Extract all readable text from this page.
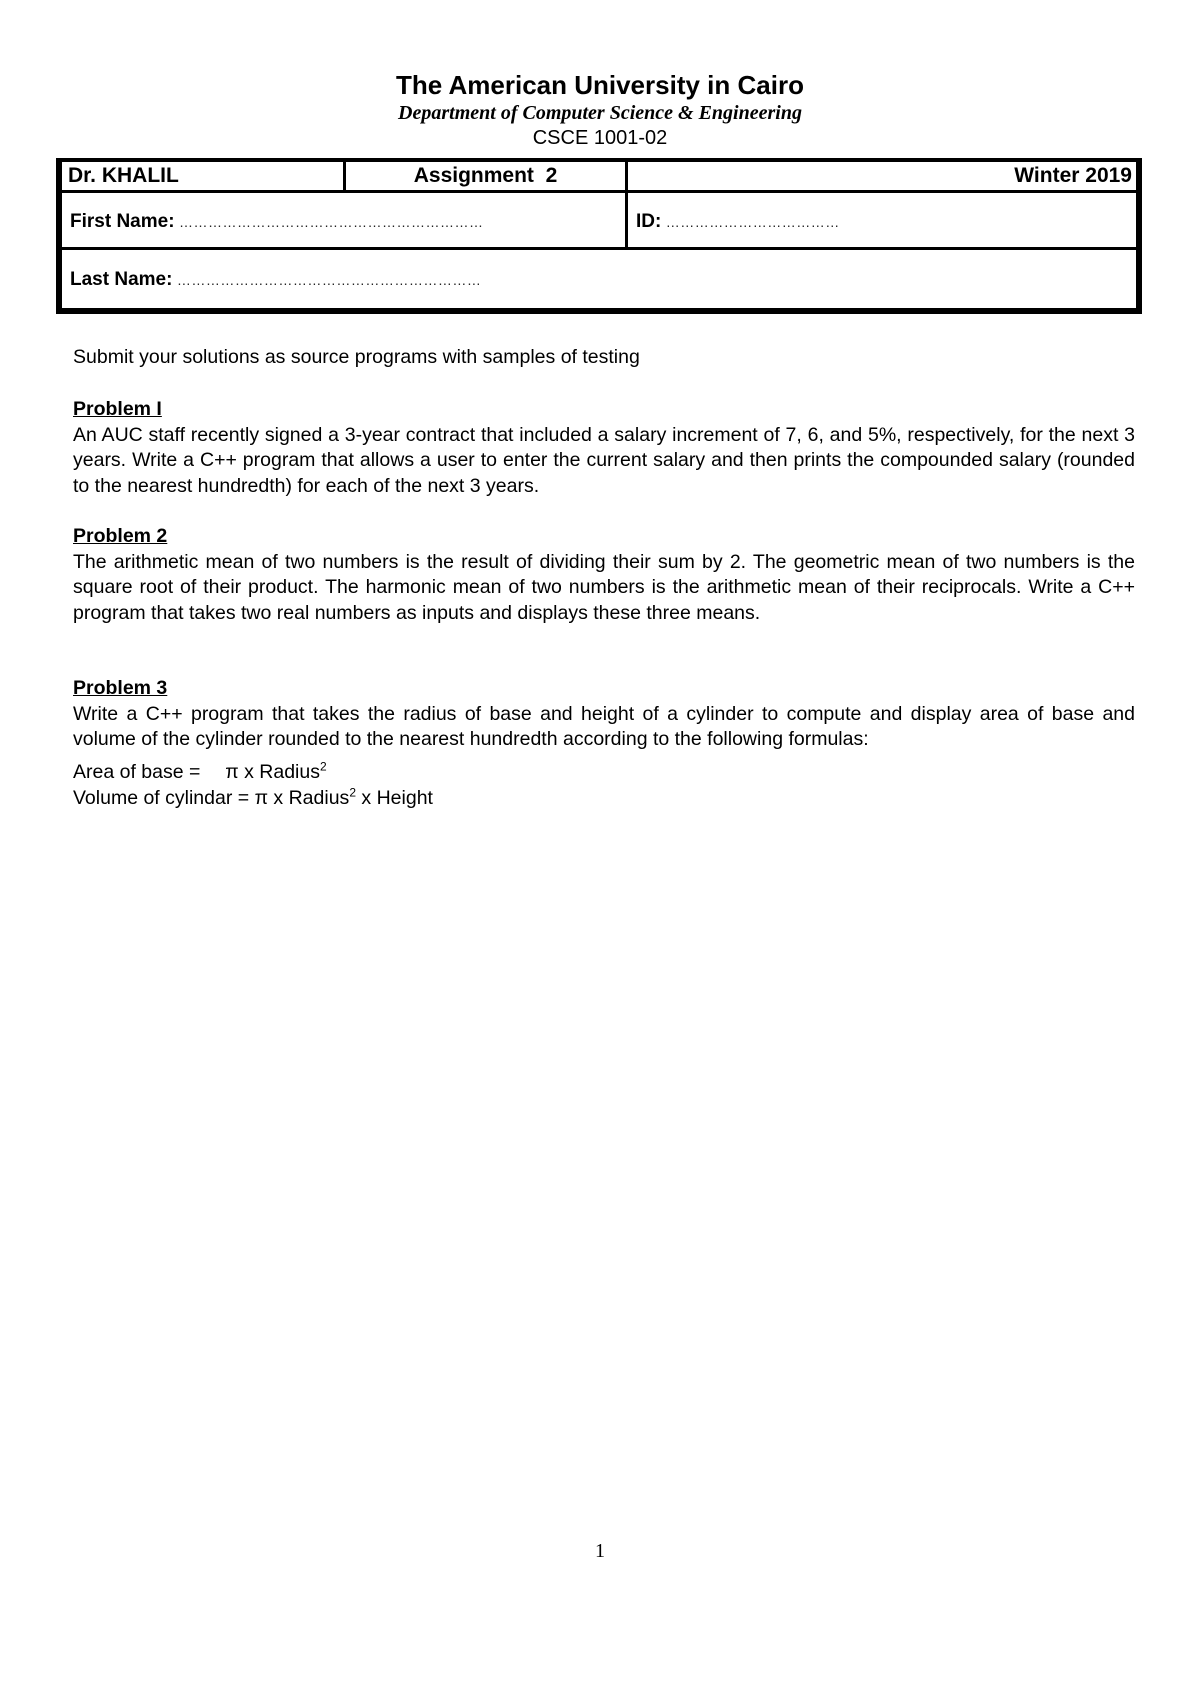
The American University in Cairo
Department of Computer Science & Engineering
CSCE 1001-02
Dr. KHALIL	Assignment  2	Winter 2019
First Name: ………………………………………………………	ID: ………………………………
Last Name: ………………………………………………………
Submit your solutions as source programs with samples of testing
Problem I
An AUC staff recently signed a 3-year contract that included a salary increment of 7, 6, and 5%, respectively, for the next 3 years. Write a C++ program that allows a user to enter the current salary and then prints the compounded salary (rounded to the nearest hundredth) for each of the next 3 years.
Problem 2
The arithmetic mean of two numbers is the result of dividing their sum by 2. The geometric mean of two numbers is the square root of their product. The harmonic mean of two numbers is the arithmetic mean of their reciprocals. Write a C++ program that takes two real numbers as inputs and displays these three means.
Problem 3
Write a C++ program that takes the radius of base and height of a cylinder to compute and display area of base and volume of the cylinder rounded to the nearest hundredth according to the following formulas:
Area of base = π x Radius$^2$
Volume of cylindar = π x Radius$^2$ x Height
1
